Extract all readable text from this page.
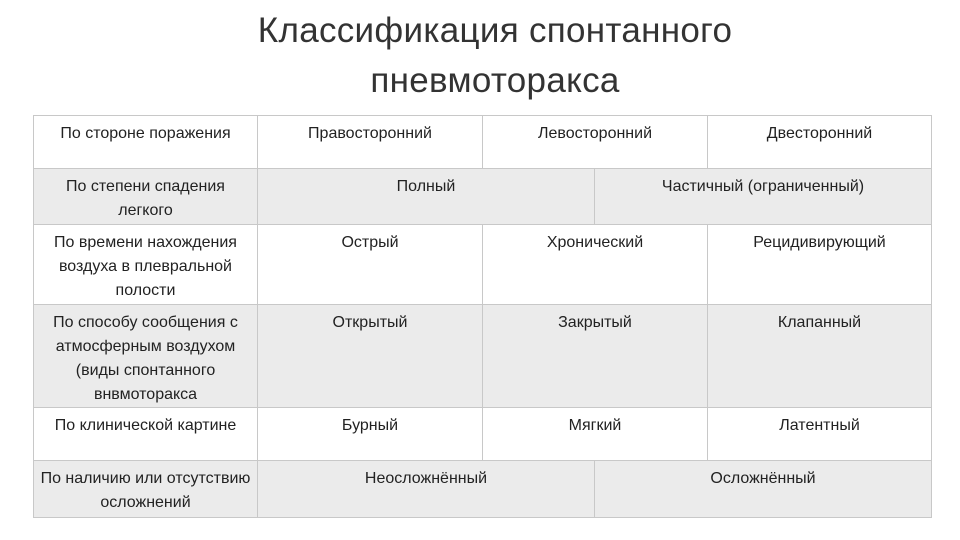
Классификация спонтанного
пневмоторакса
По стороне поражения	Правосторонний	Левосторонний		Двесторонний
По степени спадения легкого	Полный		Частичный (ограниченный)	
По времени нахождения воздуха в плевральной полости	Острый	Хронический		Рецидивирующий
По способу сообщения с атмосферным воздухом (виды спонтанного внвмоторакса	Открытый	Закрытый		Клапанный
По клинической картине	Бурный	Мягкий		Латентный
По наличию или отсутствию осложнений	Неосложнённый		Осложнённый	
